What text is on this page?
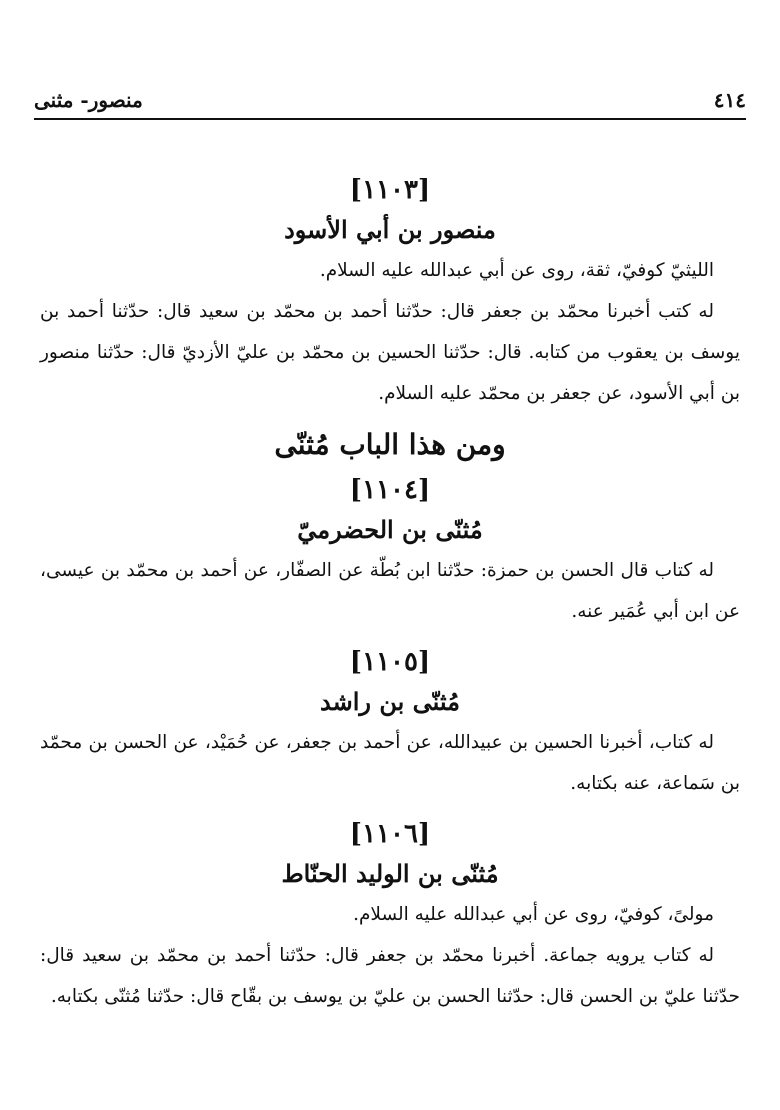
منصور- مثنى	٤١٤

[١١٠٣]

منصور بن أبي الأسود

الليثيّ كوفيّ، ثقة، روى عن أبي عبدالله عليه السلام.

له كتب أخبرنا محمّد بن جعفر قال: حدّثنا أحمد بن محمّد بن سعيد قال: حدّثنا أحمد بن يوسف بن يعقوب من كتابه. قال: حدّثنا الحسين بن محمّد بن عليّ الأزديّ قال: حدّثنا منصور بن أبي الأسود، عن جعفر بن محمّد عليه السلام.

ومن هذا الباب مُثنّى

[١١٠٤]

مُثنّى بن الحضرميّ

له كتاب قال الحسن بن حمزة: حدّثنا ابن بُطّة عن الصفّار، عن أحمد بن محمّد بن عيسى، عن ابن أبي عُمَير عنه.

[١١٠٥]

مُثنّى بن راشد

له كتاب، أخبرنا الحسين بن عبيدالله، عن أحمد بن جعفر، عن حُمَيْد، عن الحسن بن محمّد بن سَماعة، عنه بكتابه.

[١١٠٦]

مُثنّى بن الوليد الحنّاط

مولىً، كوفيّ، روى عن أبي عبدالله عليه السلام.

له كتاب يرويه جماعة. أخبرنا محمّد بن جعفر قال: حدّثنا أحمد بن محمّد بن سعيد قال: حدّثنا عليّ بن الحسن قال: حدّثنا الحسن بن عليّ بن يوسف بن بقّاح قال: حدّثنا مُثنّى بكتابه.
